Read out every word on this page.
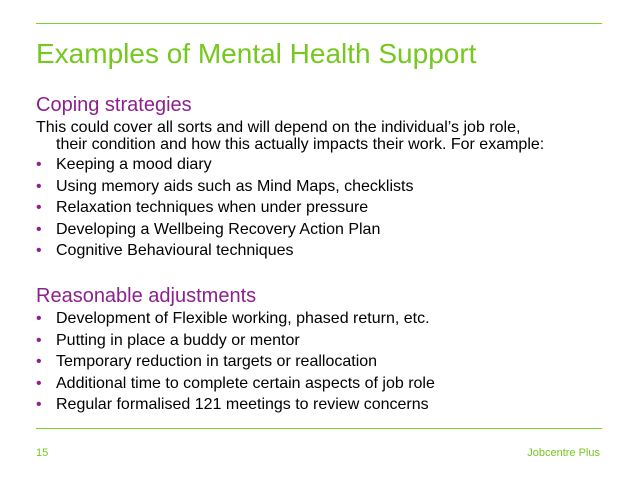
Examples of Mental Health Support
Coping strategies
This could cover all sorts and will depend on the individual’s job role,
their condition and how this actually impacts their work. For example:
• Keeping a mood diary
• Using memory aids such as Mind Maps, checklists
• Relaxation techniques when under pressure
• Developing a Wellbeing Recovery Action Plan
• Cognitive Behavioural techniques
Reasonable adjustments
• Development of Flexible working, phased return, etc.
• Putting in place a buddy or mentor
• Temporary reduction in targets or reallocation
• Additional time to complete certain aspects of job role
• Regular formalised 121 meetings to review concerns
15	Jobcentre Plus
